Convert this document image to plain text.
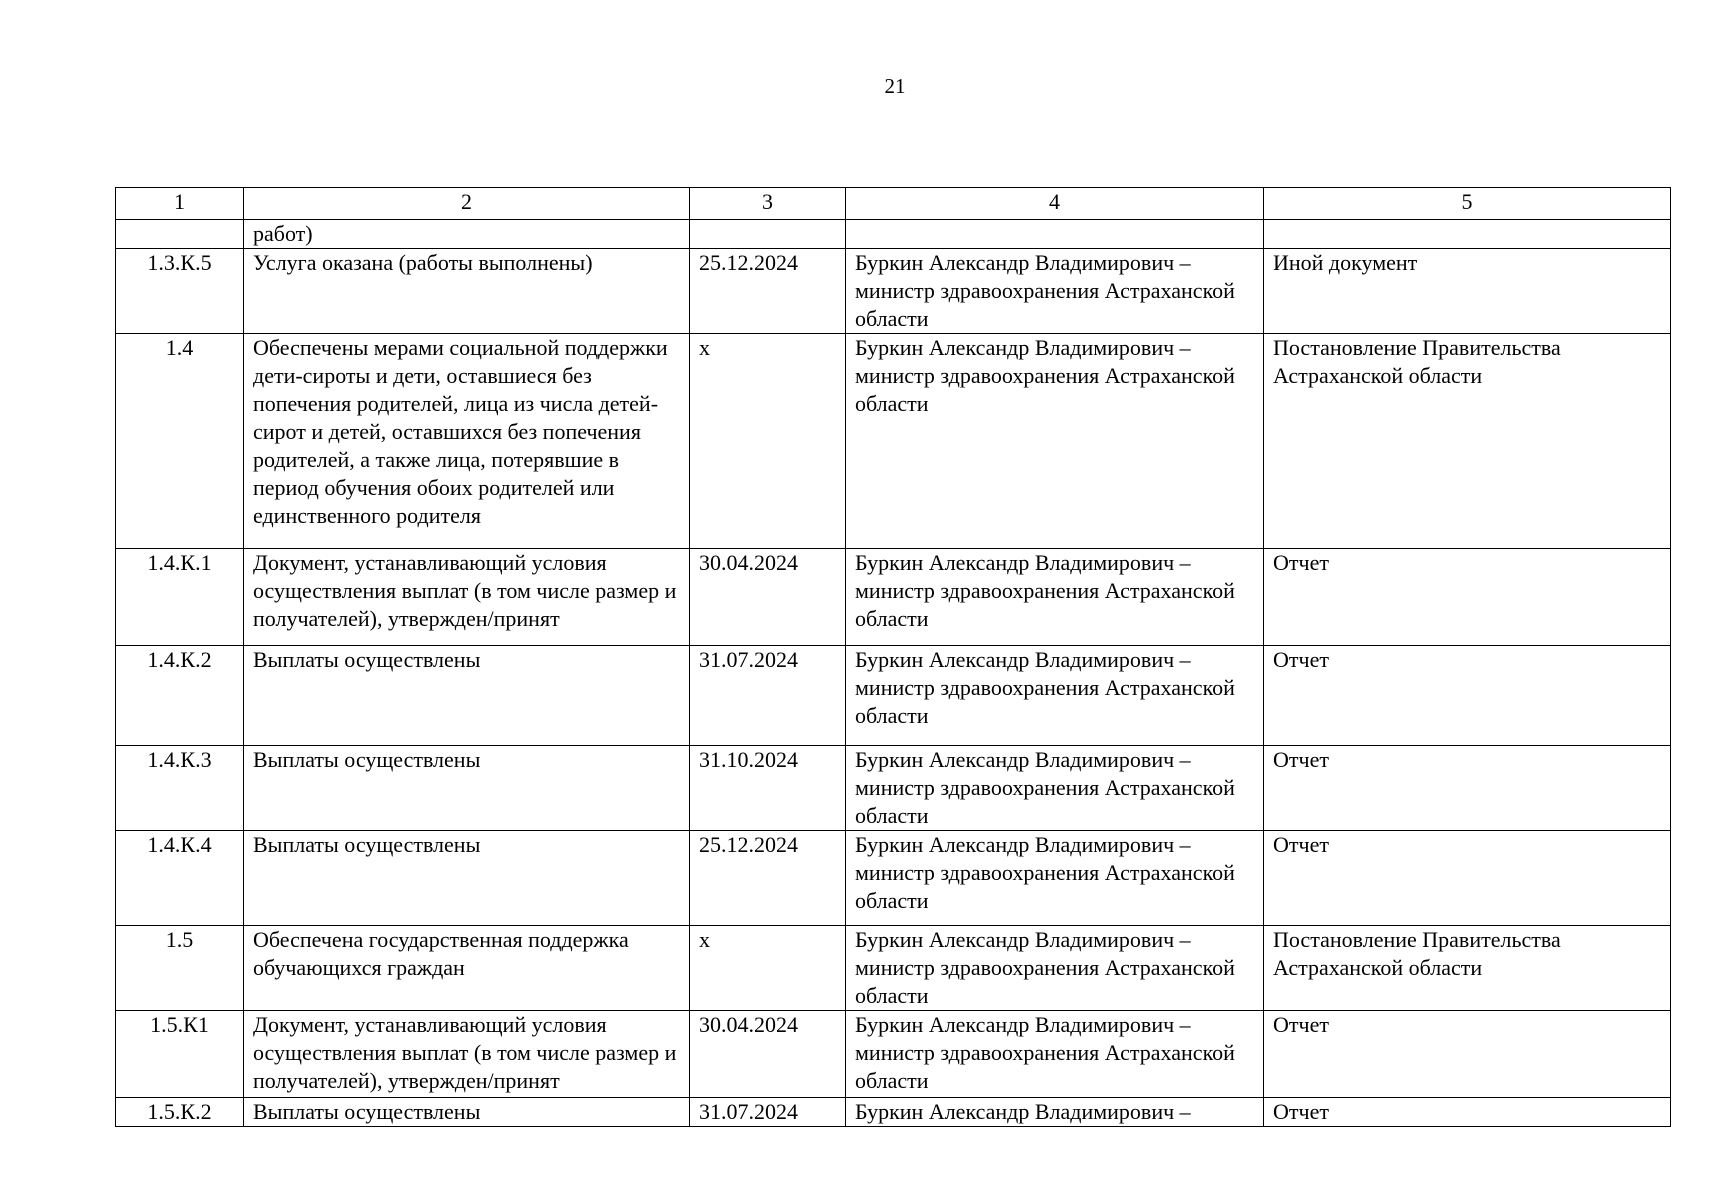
21
1	2	3	4	5
	работ)			
1.3.К.5	Услуга оказана (работы выполнены)	25.12.2024	Буркин Александр Владимирович – министр здравоохранения Астраханской области	Иной документ
1.4	Обеспечены мерами социальной поддержки дети-сироты и дети, оставшиеся без попечения родителей, лица из числа детей-сирот и детей, оставшихся без попечения родителей, а также лица, потерявшие в период обучения обоих родителей или единственного родителя	х	Буркин Александр Владимирович – министр здравоохранения Астраханской области	Постановление Правительства Астраханской области
1.4.К.1	Документ, устанавливающий условия осуществления выплат (в том числе размер и получателей), утвержден/принят	30.04.2024	Буркин Александр Владимирович – министр здравоохранения Астраханской области	Отчет
1.4.К.2	Выплаты осуществлены	31.07.2024	Буркин Александр Владимирович – министр здравоохранения Астраханской области	Отчет
1.4.К.3	Выплаты осуществлены	31.10.2024	Буркин Александр Владимирович – министр здравоохранения Астраханской области	Отчет
1.4.К.4	Выплаты осуществлены	25.12.2024	Буркин Александр Владимирович – министр здравоохранения Астраханской области	Отчет
1.5	Обеспечена государственная поддержка обучающихся граждан	х	Буркин Александр Владимирович – министр здравоохранения Астраханской области	Постановление Правительства Астраханской области
1.5.К1	Документ, устанавливающий условия осуществления выплат (в том числе размер и получателей), утвержден/принят	30.04.2024	Буркин Александр Владимирович – министр здравоохранения Астраханской области	Отчет
1.5.К.2	Выплаты осуществлены	31.07.2024	Буркин Александр Владимирович –	Отчет
